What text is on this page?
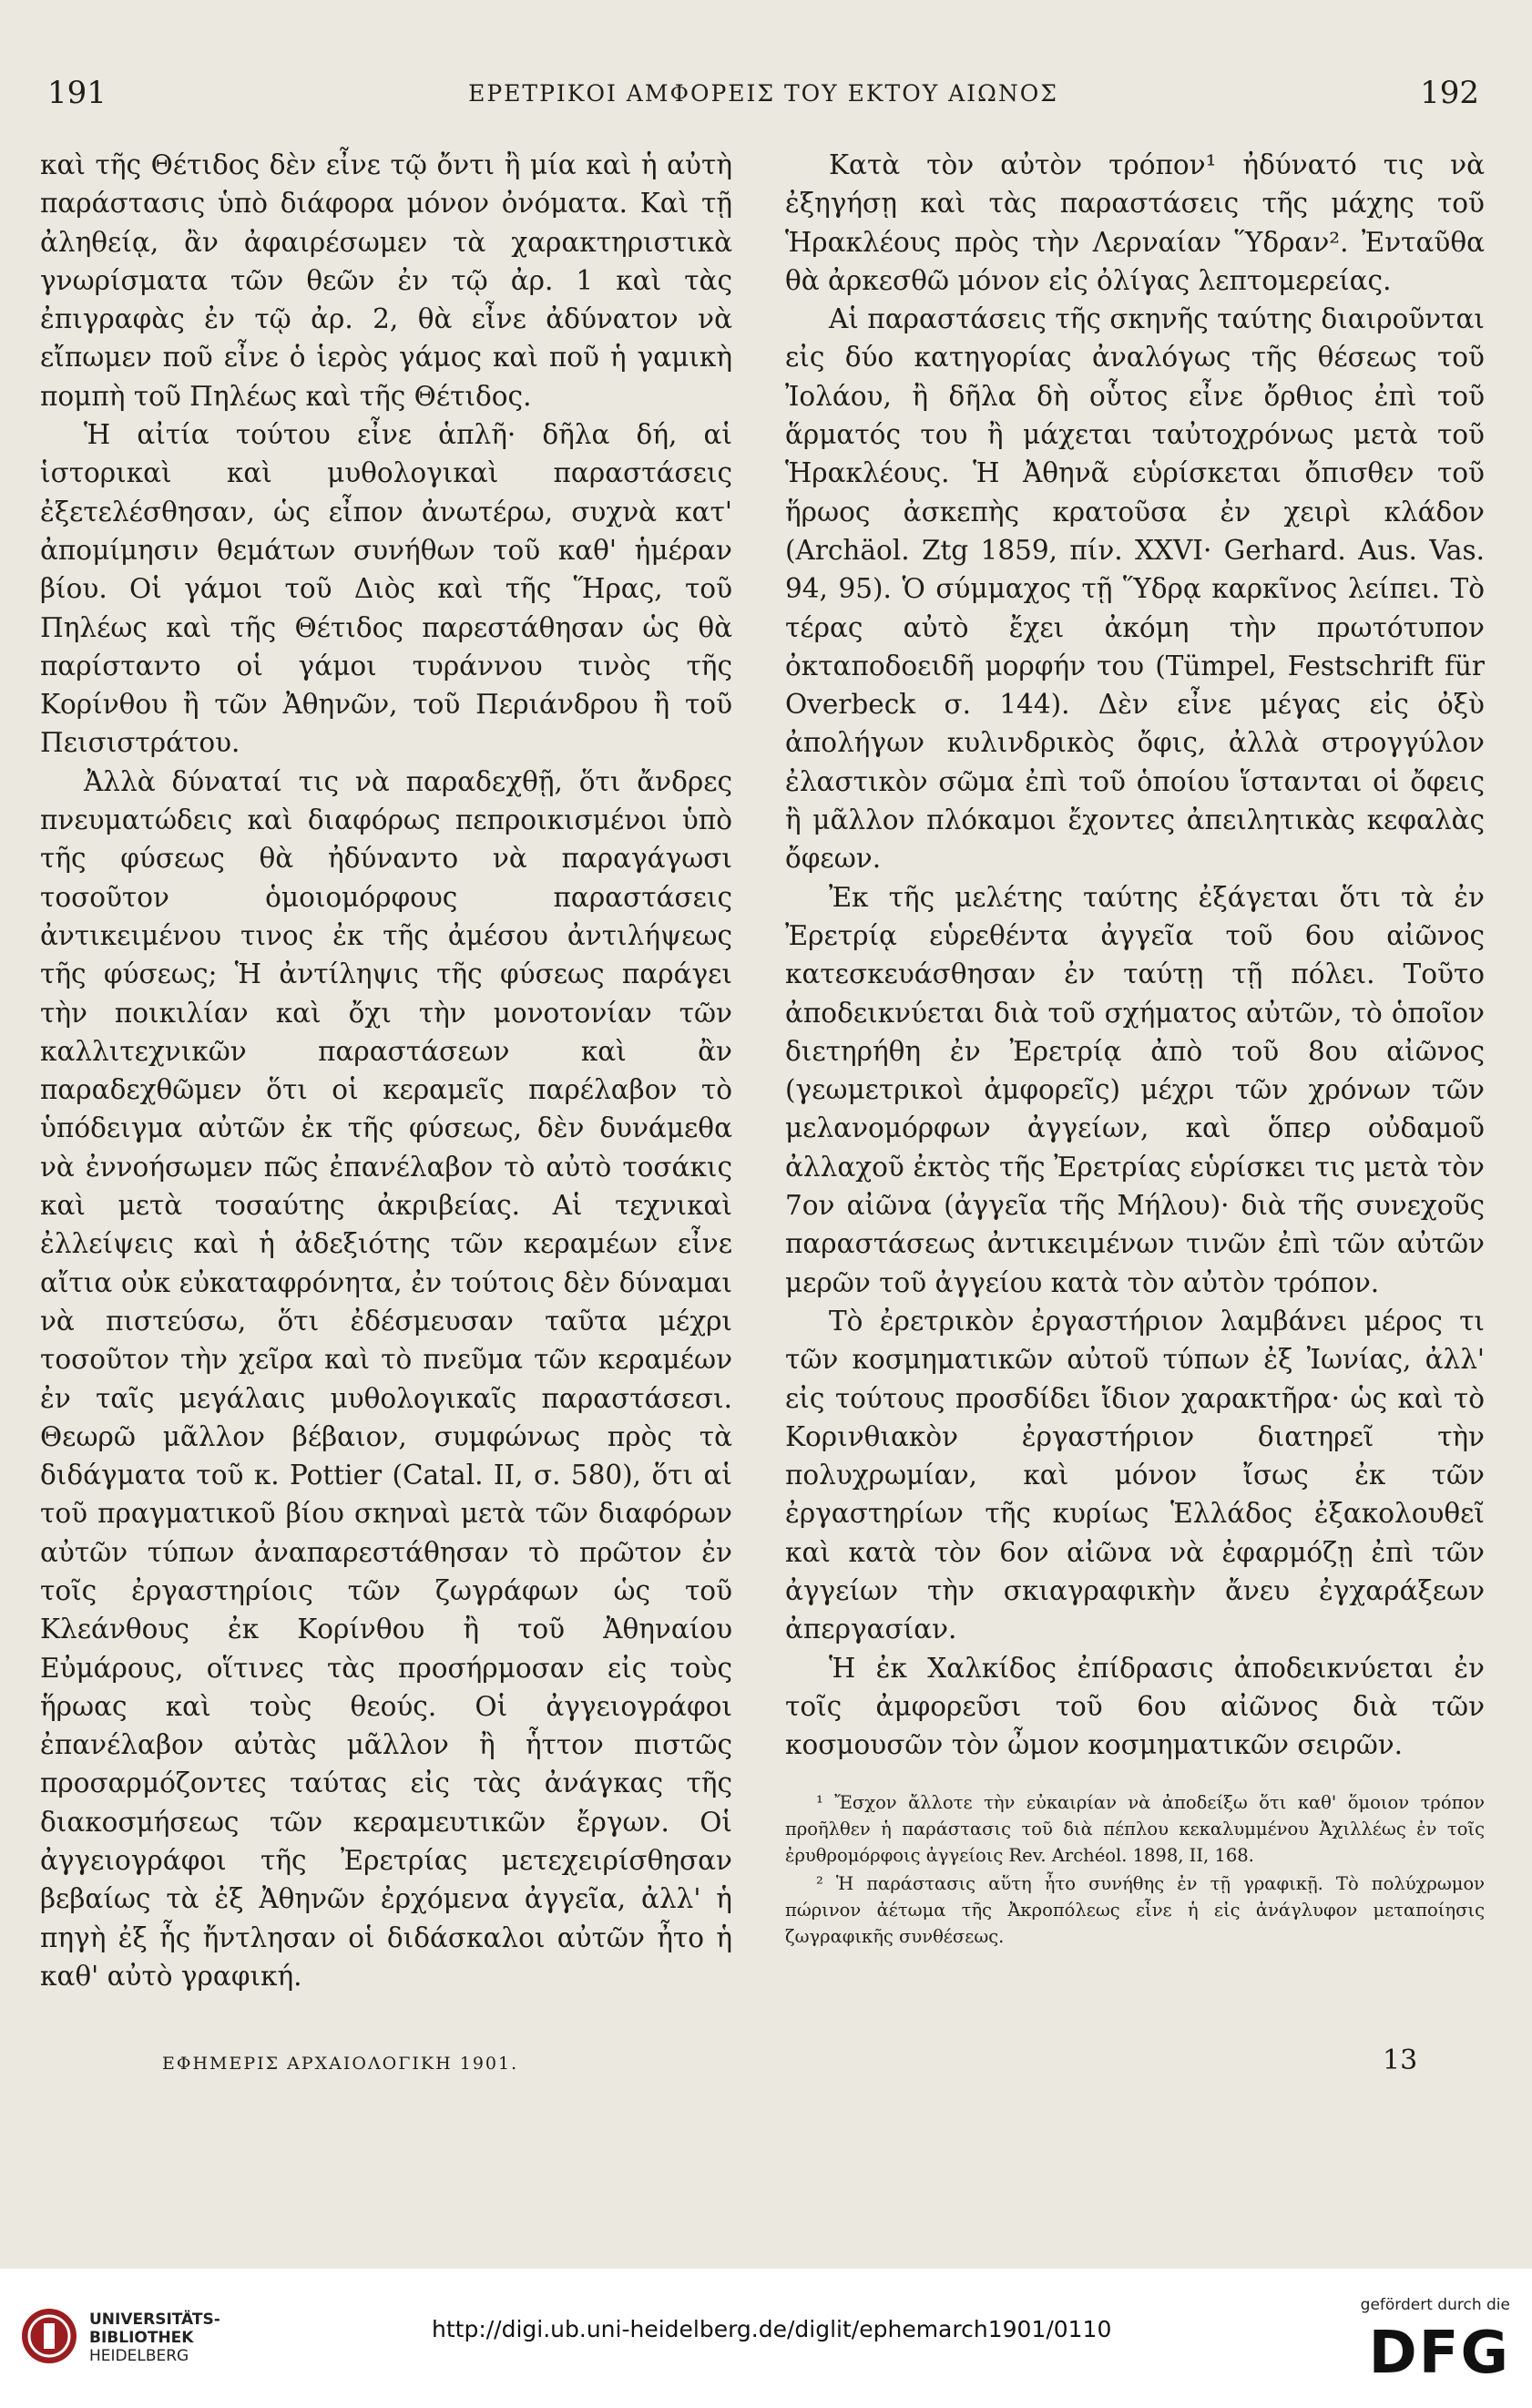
191	ΕΡΕΤΡΙΚΟΙ ΑΜΦΟΡΕΙΣ ΤΟΥ ΕΚΤΟΥ ΑΙΩΝΟΣ	192

καὶ τῆς Θέτιδος δὲν εἶνε τῷ ὄντι ἢ μία καὶ ἡ αὐτὴ παράστασις ὑπὸ διάφορα μόνον ὀνόματα. Καὶ τῇ ἀληθείᾳ, ἂν ἀφαιρέσωμεν τὰ χαρακτηριστικὰ γνωρίσματα τῶν θεῶν ἐν τῷ ἀρ. 1 καὶ τὰς ἐπιγραφὰς ἐν τῷ ἀρ. 2, θὰ εἶνε ἀδύνατον νὰ εἴπωμεν ποῦ εἶνε ὁ ἱερὸς γάμος καὶ ποῦ ἡ γαμικὴ πομπὴ τοῦ Πηλέως καὶ τῆς Θέτιδος.

Ἡ αἰτία τούτου εἶνε ἁπλῆ· δῆλα δή, αἱ ἱστορικαὶ καὶ μυθολογικαὶ παραστάσεις ἐξετελέσθησαν, ὡς εἶπον ἀνωτέρω, συχνὰ κατ' ἀπομίμησιν θεμάτων συνήθων τοῦ καθ' ἡμέραν βίου. Οἱ γάμοι τοῦ Διὸς καὶ τῆς Ἥρας, τοῦ Πηλέως καὶ τῆς Θέτιδος παρεστάθησαν ὡς θὰ παρίσταντο οἱ γάμοι τυράννου τινὸς τῆς Κορίνθου ἢ τῶν Ἀθηνῶν, τοῦ Περιάνδρου ἢ τοῦ Πεισιστράτου.

Ἀλλὰ δύναταί τις νὰ παραδεχθῇ, ὅτι ἄνδρες πνευματώδεις καὶ διαφόρως πεπροικισμένοι ὑπὸ τῆς φύσεως θὰ ἠδύναντο νὰ παραγάγωσι τοσοῦτον ὁμοιομόρφους παραστάσεις ἀντικειμένου τινος ἐκ τῆς ἀμέσου ἀντιλήψεως τῆς φύσεως; Ἡ ἀντίληψις τῆς φύσεως παράγει τὴν ποικιλίαν καὶ ὄχι τὴν μονοτονίαν τῶν καλλιτεχνικῶν παραστάσεων καὶ ἂν παραδεχθῶμεν ὅτι οἱ κεραμεῖς παρέλαβον τὸ ὑπόδειγμα αὐτῶν ἐκ τῆς φύσεως, δὲν δυνάμεθα νὰ ἐννοήσωμεν πῶς ἐπανέλαβον τὸ αὐτὸ τοσάκις καὶ μετὰ τοσαύτης ἀκριβείας. Αἱ τεχνικαὶ ἐλλείψεις καὶ ἡ ἀδεξιότης τῶν κεραμέων εἶνε αἴτια οὐκ εὐκαταφρόνητα, ἐν τούτοις δὲν δύναμαι νὰ πιστεύσω, ὅτι ἐδέσμευσαν ταῦτα μέχρι τοσοῦτον τὴν χεῖρα καὶ τὸ πνεῦμα τῶν κεραμέων ἐν ταῖς μεγάλαις μυθολογικαῖς παραστάσεσι. Θεωρῶ μᾶλλον βέβαιον, συμφώνως πρὸς τὰ διδάγματα τοῦ κ. Pottier (Catal. II, σ. 580), ὅτι αἱ τοῦ πραγματικοῦ βίου σκηναὶ μετὰ τῶν διαφόρων αὐτῶν τύπων ἀναπαρεστάθησαν τὸ πρῶτον ἐν τοῖς ἐργαστηρίοις τῶν ζωγράφων ὡς τοῦ Κλεάνθους ἐκ Κορίνθου ἢ τοῦ Ἀθηναίου Εὐμάρους, οἵτινες τὰς προσήρμοσαν εἰς τοὺς ἥρωας καὶ τοὺς θεούς. Οἱ ἀγγειογράφοι ἐπανέλαβον αὐτὰς μᾶλλον ἢ ἧττον πιστῶς προσαρμόζοντες ταύτας εἰς τὰς ἀνάγκας τῆς διακοσμήσεως τῶν κεραμευτικῶν ἔργων. Οἱ ἀγγειογράφοι τῆς Ἐρετρίας μετεχειρίσθησαν βεβαίως τὰ ἐξ Ἀθηνῶν ἐρχόμενα ἀγγεῖα, ἀλλ' ἡ πηγὴ ἐξ ἧς ἤντλησαν οἱ διδάσκαλοι αὐτῶν ἦτο ἡ καθ' αὐτὸ γραφική.

Κατὰ τὸν αὐτὸν τρόπον¹ ἠδύνατό τις νὰ ἐξηγήσῃ καὶ τὰς παραστάσεις τῆς μάχης τοῦ Ἡρακλέους πρὸς τὴν Λερναίαν Ὕδραν². Ἐνταῦθα θὰ ἀρκεσθῶ μόνον εἰς ὀλίγας λεπτομερείας.

Αἱ παραστάσεις τῆς σκηνῆς ταύτης διαιροῦνται εἰς δύο κατηγορίας ἀναλόγως τῆς θέσεως τοῦ Ἰολάου, ἢ δῆλα δὴ οὗτος εἶνε ὄρθιος ἐπὶ τοῦ ἅρματός του ἢ μάχεται ταὐτοχρόνως μετὰ τοῦ Ἡρακλέους. Ἡ Ἀθηνᾶ εὑρίσκεται ὄπισθεν τοῦ ἥρωος ἀσκεπὴς κρατοῦσα ἐν χειρὶ κλάδον (Archäol. Ztg 1859, πίν. XXVI· Gerhard. Aus. Vas. 94, 95). Ὁ σύμμαχος τῇ Ὕδρᾳ καρκῖνος λείπει. Τὸ τέρας αὐτὸ ἔχει ἀκόμη τὴν πρωτότυπον ὀκταποδοειδῆ μορφήν του (Tümpel, Festschrift für Overbeck σ. 144). Δὲν εἶνε μέγας εἰς ὀξὺ ἀπολήγων κυλινδρικὸς ὄφις, ἀλλὰ στρογγύλον ἐλαστικὸν σῶμα ἐπὶ τοῦ ὁποίου ἵστανται οἱ ὄφεις ἢ μᾶλλον πλόκαμοι ἔχοντες ἀπειλητικὰς κεφαλὰς ὄφεων.

Ἐκ τῆς μελέτης ταύτης ἐξάγεται ὅτι τὰ ἐν Ἐρετρίᾳ εὑρεθέντα ἀγγεῖα τοῦ 6ου αἰῶνος κατεσκευάσθησαν ἐν ταύτῃ τῇ πόλει. Τοῦτο ἀποδεικνύεται διὰ τοῦ σχήματος αὐτῶν, τὸ ὁποῖον διετηρήθη ἐν Ἐρετρίᾳ ἀπὸ τοῦ 8ου αἰῶνος (γεωμετρικοὶ ἀμφορεῖς) μέχρι τῶν χρόνων τῶν μελανομόρφων ἀγγείων, καὶ ὅπερ οὐδαμοῦ ἀλλαχοῦ ἐκτὸς τῆς Ἐρετρίας εὑρίσκει τις μετὰ τὸν 7ον αἰῶνα (ἀγγεῖα τῆς Μήλου)· διὰ τῆς συνεχοῦς παραστάσεως ἀντικειμένων τινῶν ἐπὶ τῶν αὐτῶν μερῶν τοῦ ἀγγείου κατὰ τὸν αὐτὸν τρόπον.

Τὸ ἐρετρικὸν ἐργαστήριον λαμβάνει μέρος τι τῶν κοσμηματικῶν αὐτοῦ τύπων ἐξ Ἰωνίας, ἀλλ' εἰς τούτους προσδίδει ἴδιον χαρακτῆρα· ὡς καὶ τὸ Κορινθιακὸν ἐργαστήριον διατηρεῖ τὴν πολυχρωμίαν, καὶ μόνον ἴσως ἐκ τῶν ἐργαστηρίων τῆς κυρίως Ἑλλάδος ἐξακολουθεῖ καὶ κατὰ τὸν 6ον αἰῶνα νὰ ἐφαρμόζῃ ἐπὶ τῶν ἀγγείων τὴν σκιαγραφικὴν ἄνευ ἐγχαράξεων ἀπεργασίαν.

Ἡ ἐκ Χαλκίδος ἐπίδρασις ἀποδεικνύεται ἐν τοῖς ἀμφορεῦσι τοῦ 6ου αἰῶνος διὰ τῶν κοσμουσῶν τὸν ὦμον κοσμηματικῶν σειρῶν.

¹ Ἔσχον ἄλλοτε τὴν εὐκαιρίαν νὰ ἀποδείξω ὅτι καθ' ὅμοιον τρόπον προῆλθεν ἡ παράστασις τοῦ διὰ πέπλου κεκαλυμμένου Ἀχιλλέως ἐν τοῖς ἐρυθρομόρφοις ἀγγείοις Rev. Archéol. 1898, II, 168.

² Ἡ παράστασις αὕτη ἦτο συνήθης ἐν τῇ γραφικῇ. Τὸ πολύχρωμον πώρινον ἀέτωμα τῆς Ἀκροπόλεως εἶνε ἡ εἰς ἀνάγλυφον μεταποίησις ζωγραφικῆς συνθέσεως.

ΕΦΗΜΕΡΙΣ ΑΡΧΑΙΟΛΟΓΙΚΗ 1901.	13
UNIVERSITÄTS-
BIBLIOTHEK
HEIDELBERG
http://digi.ub.uni-heidelberg.de/diglit/ephemarch1901/0110
gefördert durch die
DFG
